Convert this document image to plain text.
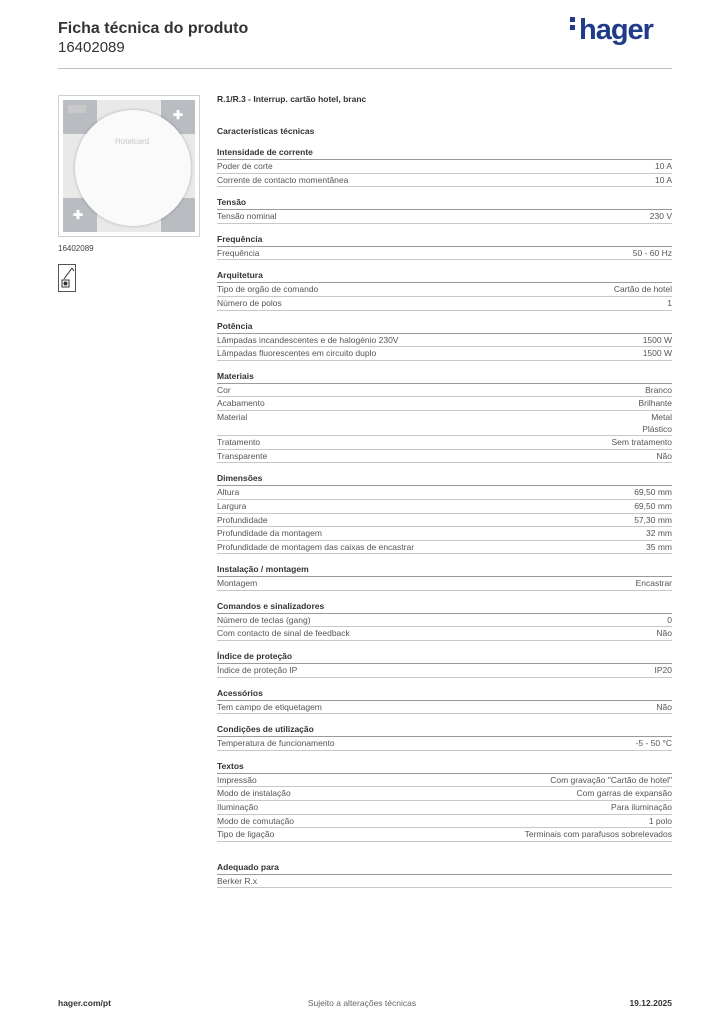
Ficha técnica do produto
16402089
hager
✚
✚
Hotelcard
16402089
R.1/R.3 - Interrup. cartão hotel, branc
Características técnicas
Intensidade de corrente
Poder de corte	10 A
Corrente de contacto momentânea	10 A
Tensão
Tensão nominal	230 V
Frequência
Frequência	50 - 60 Hz
Arquitetura
Tipo de orgão de comando	Cartão de hotel
Número de polos	1
Potência
Lâmpadas incandescentes e de halogénio 230V	1500 W
Lâmpadas fluorescentes em circuito duplo	1500 W
Materiais
Cor	Branco
Acabamento	Brilhante
Material	Metal
Plástico
Tratamento	Sem tratamento
Transparente	Não
Dimensões
Altura	69,50 mm
Largura	69,50 mm
Profundidade	57,30 mm
Profundidade da montagem	32 mm
Profundidade de montagem das caixas de encastrar	35 mm
Instalação / montagem
Montagem	Encastrar
Comandos e sinalizadores
Número de teclas (gang)	0
Com contacto de sinal de feedback	Não
Índice de proteção
Índice de proteção IP	IP20
Acessórios
Tem campo de etiquetagem	Não
Condições de utilização
Temperatura de funcionamento	-5 - 50 °C
Textos
Impressão	Com gravação "Cartão de hotel"
Modo de instalação	Com garras de expansão
Iluminação	Para iluminação
Modo de comutação	1 polo
Tipo de ligação	Terminais com parafusos sobrelevados
Adequado para
Berker R.x
hager.com/pt	Sujeito a alterações técnicas	19.12.2025
